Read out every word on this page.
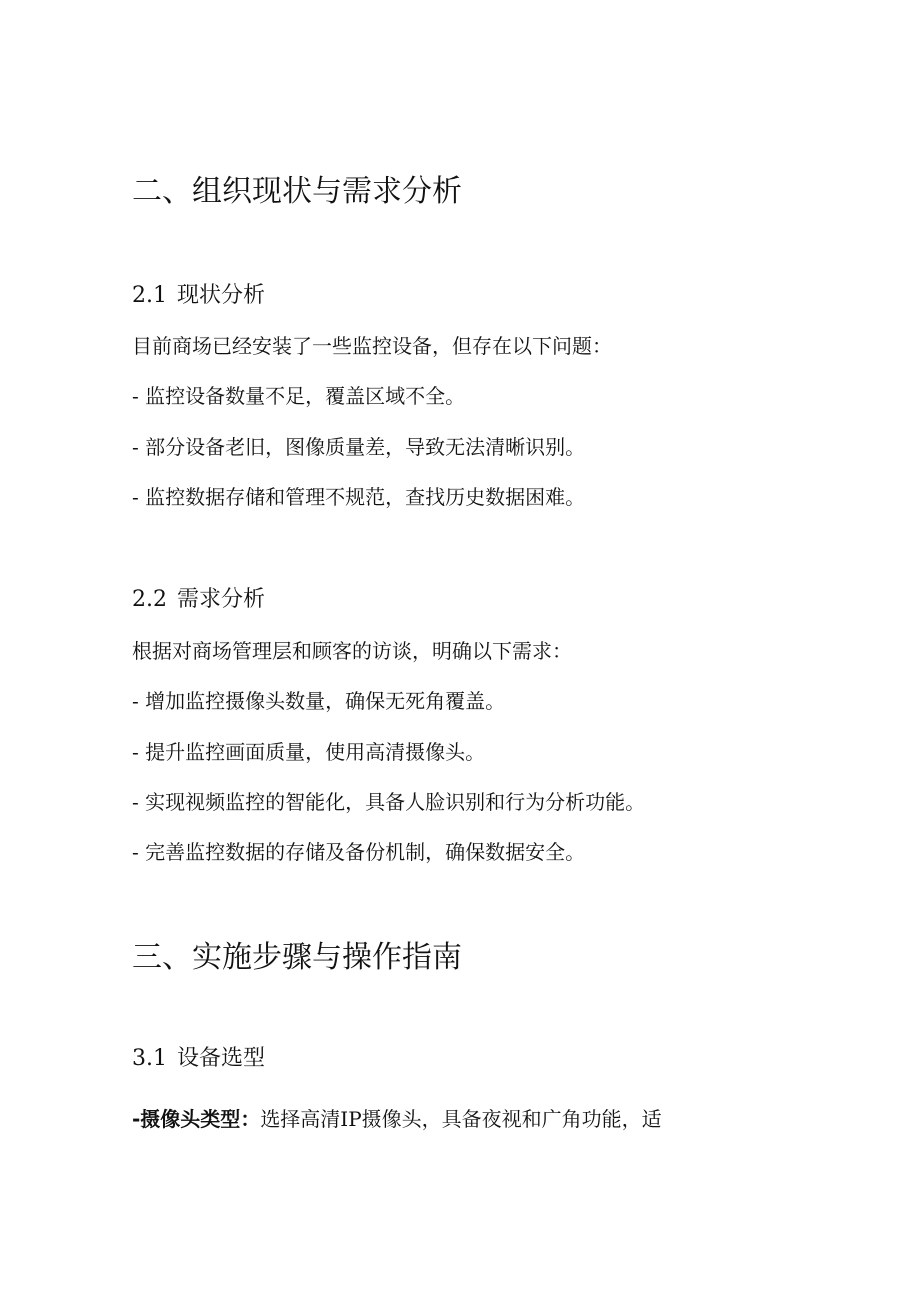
二、组织现状与需求分析
2.1 现状分析

目前商场已经安装了一些监控设备，但存在以下问题：

- 监控设备数量不足，覆盖区域不全。

- 部分设备老旧，图像质量差，导致无法清晰识别。

- 监控数据存储和管理不规范，查找历史数据困难。

2.2 需求分析

根据对商场管理层和顾客的访谈，明确以下需求：

- 增加监控摄像头数量，确保无死角覆盖。

- 提升监控画面质量，使用高清摄像头。

- 实现视频监控的智能化，具备人脸识别和行为分析功能。

- 完善监控数据的存储及备份机制，确保数据安全。

三、实施步骤与操作指南
3.1 设备选型

-摄像头类型：选择高清IP摄像头，具备夜视和广角功能，适
